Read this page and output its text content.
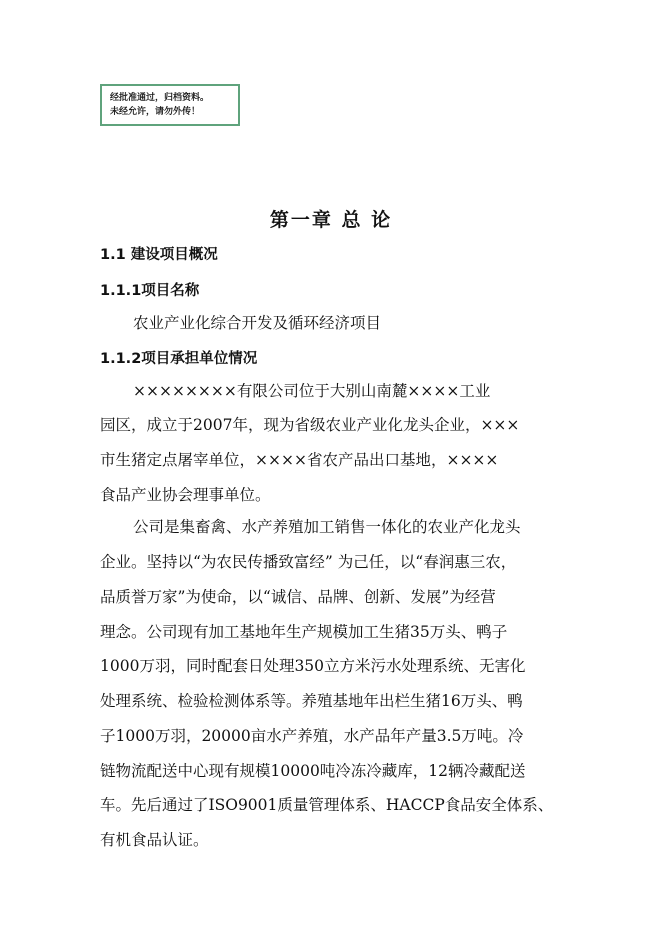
经批准通过，归档资料。
未经允许，请勿外传！
第一章 总 论
1.1 建设项目概况
1.1.1项目名称
农业产业化综合开发及循环经济项目
1.1.2项目承担单位情况
××××××××有限公司位于大别山南麓××××工业
园区，成立于2007年，现为省级农业产业化龙头企业，×××
市生猪定点屠宰单位，××××省农产品出口基地，××××
食品产业协会理事单位。
公司是集畜禽、水产养殖加工销售一体化的农业产化龙头
企业。坚持以“为农民传播致富经” 为己任，以“春润惠三农，
品质誉万家”为使命，以“诚信、品牌、创新、发展”为经营
理念。公司现有加工基地年生产规模加工生猪35万头、鸭子
1000万羽，同时配套日处理350立方米污水处理系统、无害化
处理系统、检验检测体系等。养殖基地年出栏生猪16万头、鸭
子1000万羽，20000亩水产养殖，水产品年产量3.5万吨。冷
链物流配送中心现有规模10000吨冷冻冷藏库，12辆冷藏配送
车。先后通过了ISO9001质量管理体系、HACCP食品安全体系、
有机食品认证。
